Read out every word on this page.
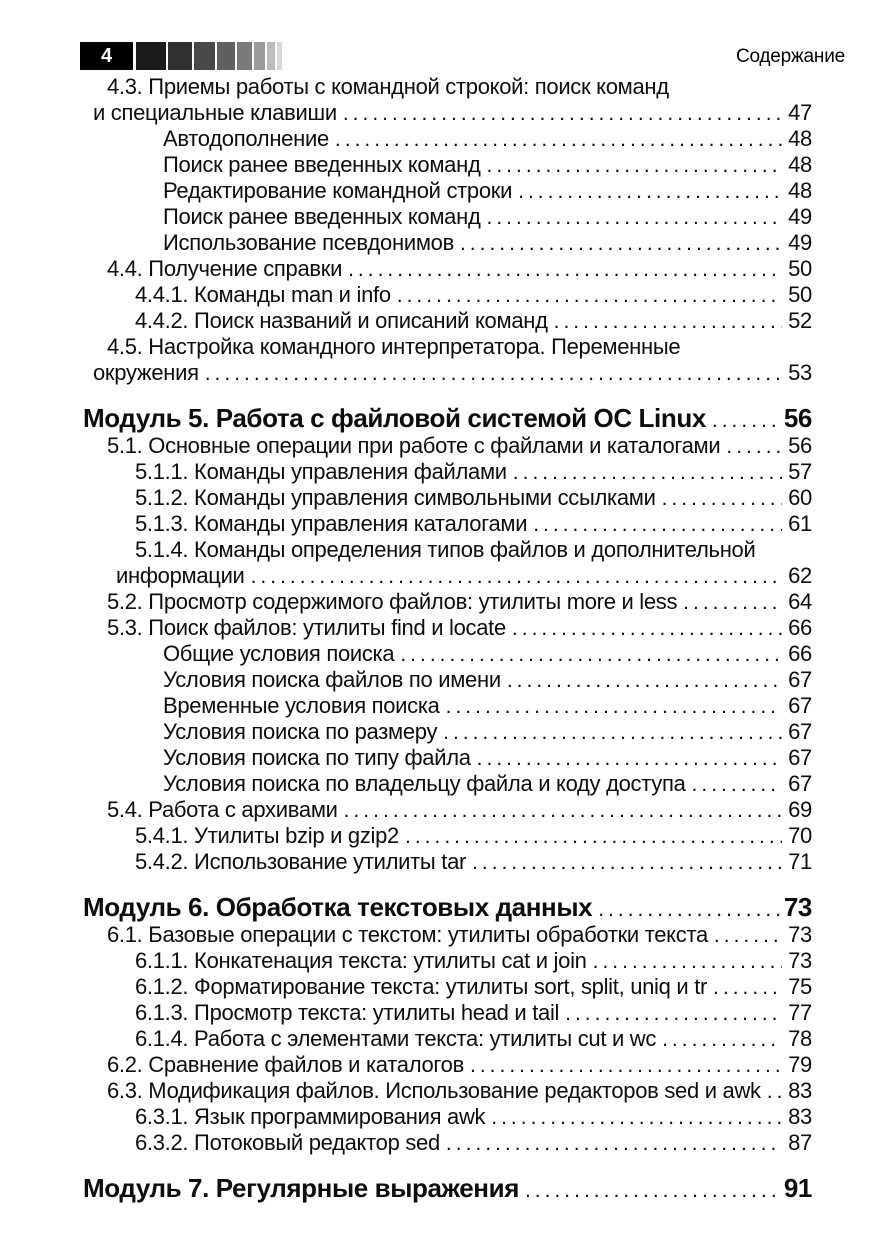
4	Содержание
4.3. Приемы работы с командной строкой: поиск команд
и специальные клавиши .....	47
Автодополнение .....	48
Поиск ранее введенных команд .....	48
Редактирование командной строки .....	48
Поиск ранее введенных команд .....	49
Использование псевдонимов .....	49
4.4. Получение справки .....	50
4.4.1. Команды man и info .....	50
4.4.2. Поиск названий и описаний команд .....	52
4.5. Настройка командного интерпретатора. Переменные
окружения .....	53
Модуль 5. Работа с файловой системой ОС Linux .....	56
5.1. Основные операции при работе с файлами и каталогами .....	56
5.1.1. Команды управления файлами .....	57
5.1.2. Команды управления символьными ссылками .....	60
5.1.3. Команды управления каталогами .....	61
5.1.4. Команды определения типов файлов и дополнительной
информации .....	62
5.2. Просмотр содержимого файлов: утилиты more и less .....	64
5.3. Поиск файлов: утилиты find и locate .....	66
Общие условия поиска .....	66
Условия поиска файлов по имени .....	67
Временные условия поиска .....	67
Условия поиска по размеру .....	67
Условия поиска по типу файла .....	67
Условия поиска по владельцу файла и коду доступа .....	67
5.4. Работа с архивами .....	69
5.4.1. Утилиты bzip и gzip2 .....	70
5.4.2. Использование утилиты tar .....	71
Модуль 6. Обработка текстовых данных .....	73
6.1. Базовые операции с текстом: утилиты обработки текста .....	73
6.1.1. Конкатенация текста: утилиты cat и join .....	73
6.1.2. Форматирование текста: утилиты sort, split, uniq и tr .....	75
6.1.3. Просмотр текста: утилиты head и tail .....	77
6.1.4. Работа с элементами текста: утилиты cut и wc .....	78
6.2. Сравнение файлов и каталогов .....	79
6.3. Модификация файлов. Использование редакторов sed и awk ..... 83
6.3.1. Язык программирования awk .....	83
6.3.2. Потоковый редактор sed .....	87
Модуль 7. Регулярные выражения .....	91
